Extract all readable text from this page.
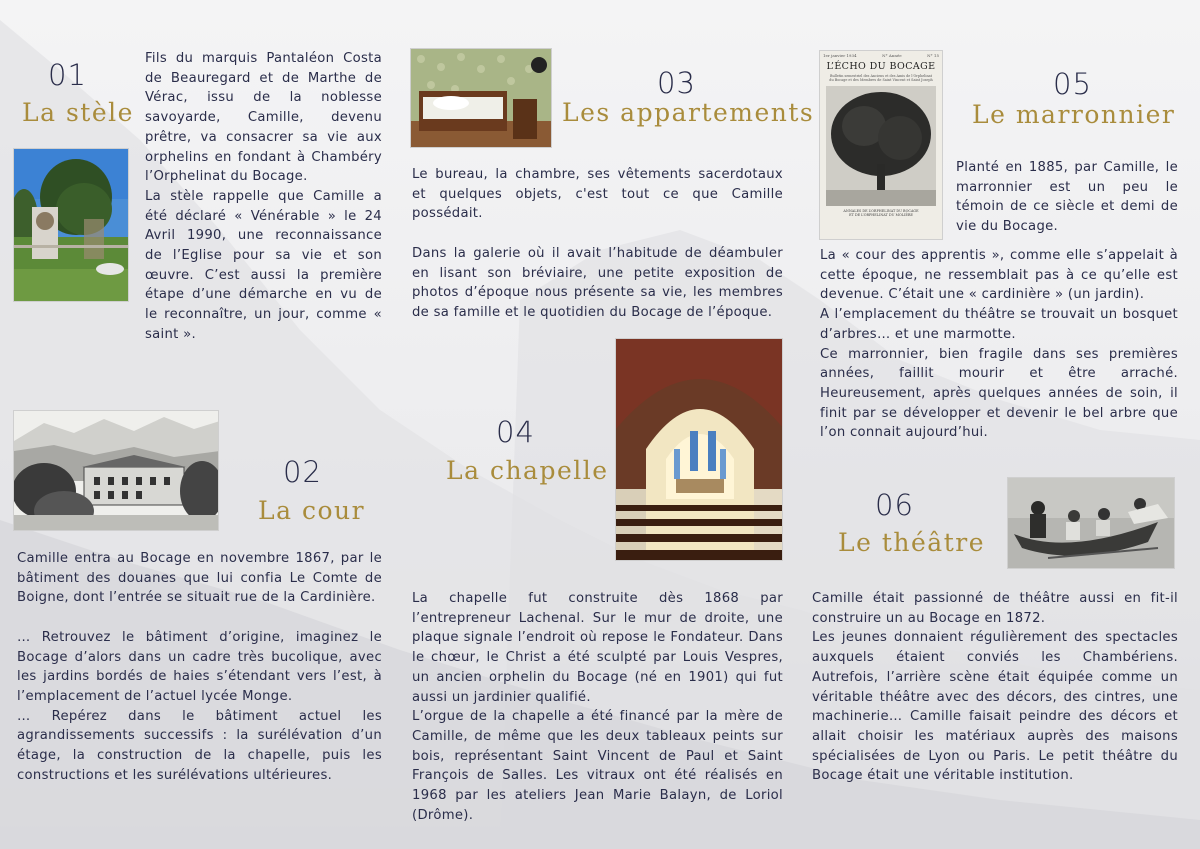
01
La stèle

Fils du marquis Pantaléon Costa de Beauregard et de Marthe de Vérac, issu de la noblesse savoyarde, Camille, devenu prêtre, va consacrer sa vie aux orphelins en fondant à Chambéry l’Orphelinat du Bocage.

La stèle rappelle que Camille a été déclaré « Vénérable » le 24 Avril 1990, une reconnaissance de l’Eglise pour sa vie et son œuvre. C’est aussi la première étape d’une démarche en vu de le reconnaître, un jour, comme « saint ».

02
La cour

Camille entra au Bocage en novembre 1867, par le bâtiment des douanes que lui confia Le Comte de Boigne, dont l’entrée se situait rue de la Cardinière.

… Retrouvez le bâtiment d’origine, imaginez le Bocage d’alors dans un cadre très bucolique, avec les jardins bordés de haies s’étendant vers l’est, à l’emplacement de l’actuel lycée Monge.

… Repérez dans le bâtiment actuel les agrandissements successifs : la surélévation d’un étage, la construction de la chapelle, puis les constructions et les surélévations ultérieures.

03
Les appartements

Le bureau, la chambre, ses vêtements sacerdotaux et quelques objets, c'est tout ce que Camille possédait.

Dans la galerie où il avait l’habitude de déambuler en lisant son bréviaire, une petite exposition de photos d’époque nous présente sa vie, les membres de sa famille et le quotidien du Bocage de l’époque.

04
La chapelle

La chapelle fut construite dès 1868 par l’entrepreneur Lachenal. Sur le mur de droite, une plaque signale l’endroit où repose le Fondateur. Dans le chœur, le Christ a été sculpté par Louis Vespres, un ancien orphelin du Bocage (né en 1901) qui fut aussi un jardinier qualifié.

L’orgue de la chapelle a été financé par la mère de Camille, de même que les deux tableaux peints sur bois, représentant Saint Vincent de Paul et Saint François de Salles. Les vitraux ont été réalisés en 1968 par les ateliers Jean Marie Balayn, de Loriol (Drôme).

1er janvier 1934	N° Année	N° 15
L’ÉCHO DU BOCAGE
Bulletin semestriel des Anciens et des Amis de l’Orphelinat
du Bocage et des Membres de Saint Vincent et Saint Joseph
ANNALES DE L’ORPHELINAT DU BOCAGE
ET DE L’ORPHELINAT DU MOLIÈRE
05
Le marronnier
Planté en 1885, par Camille, le marronnier est un peu le témoin de ce siècle et demi de vie du Bocage.

La « cour des apprentis », comme elle s’appelait à cette époque, ne ressemblait pas à ce qu’elle est devenue. C’était une « cardinière » (un jardin).

A l’emplacement du théâtre se trouvait un bosquet d’arbres… et une marmotte.

Ce marronnier, bien fragile dans ses premières années, faillit mourir et être arraché. Heureusement, après quelques années de soin, il finit par se développer et devenir le bel arbre que l’on connait aujourd’hui.

06
Le théâtre

Camille était passionné de théâtre aussi en fit-il construire un au Bocage en 1872.

Les jeunes donnaient régulièrement des spectacles auxquels étaient conviés les Chambériens. Autrefois, l’arrière scène était équipée comme un véritable théâtre avec des décors, des cintres, une machinerie… Camille faisait peindre des décors et allait choisir les matériaux auprès des maisons spécialisées de Lyon ou Paris. Le petit théâtre du Bocage était une véritable institution.
